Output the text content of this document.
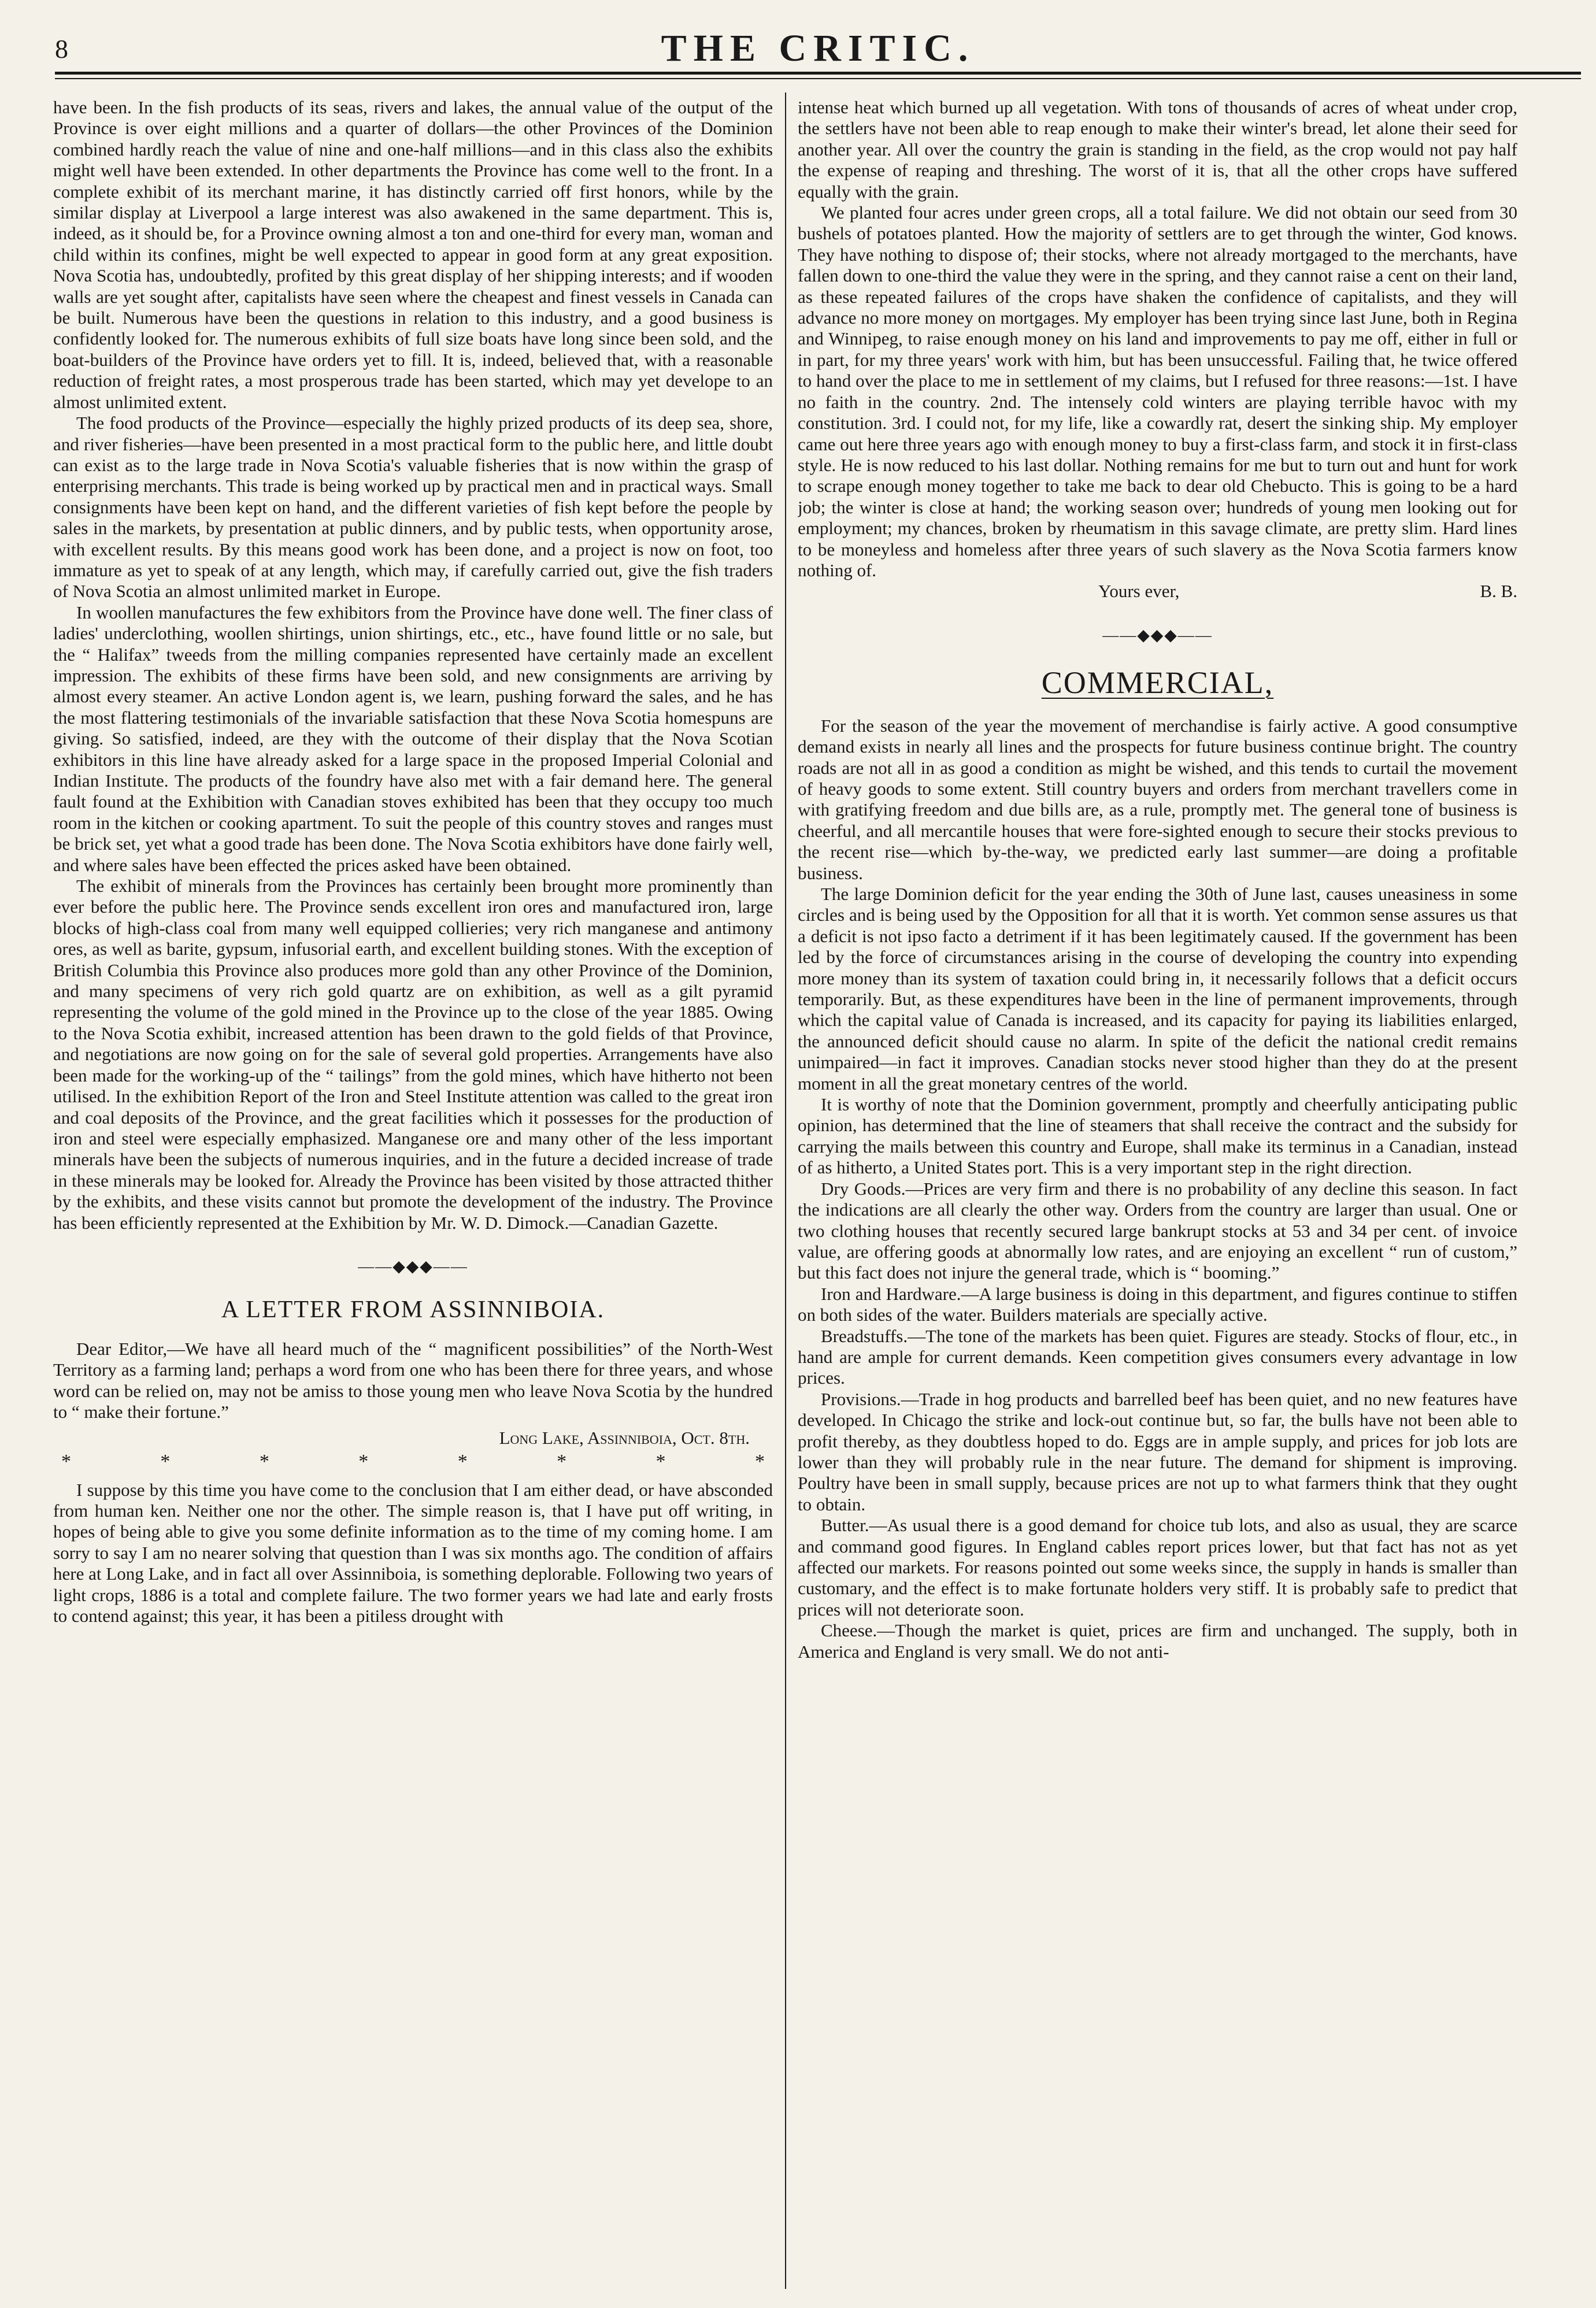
8	THE CRITIC.

have been. In the fish products of its seas, rivers and lakes, the annual value of the output of the Province is over eight millions and a quarter of dollars—the other Provinces of the Dominion combined hardly reach the value of nine and one-half millions—and in this class also the exhibits might well have been extended. In other departments the Province has come well to the front. In a complete exhibit of its merchant marine, it has distinctly carried off first honors, while by the similar display at Liverpool a large interest was also awakened in the same department. This is, indeed, as it should be, for a Province owning almost a ton and one-third for every man, woman and child within its confines, might be well expected to appear in good form at any great exposition. Nova Scotia has, undoubtedly, profited by this great display of her shipping interests; and if wooden walls are yet sought after, capitalists have seen where the cheapest and finest vessels in Canada can be built. Numerous have been the questions in relation to this industry, and a good business is confidently looked for. The numerous exhibits of full size boats have long since been sold, and the boat-builders of the Province have orders yet to fill. It is, indeed, believed that, with a reasonable reduction of freight rates, a most prosperous trade has been started, which may yet develope to an almost unlimited extent.

The food products of the Province—especially the highly prized products of its deep sea, shore, and river fisheries—have been presented in a most practical form to the public here, and little doubt can exist as to the large trade in Nova Scotia's valuable fisheries that is now within the grasp of enterprising merchants. This trade is being worked up by practical men and in practical ways. Small consignments have been kept on hand, and the different varieties of fish kept before the people by sales in the markets, by presentation at public dinners, and by public tests, when opportunity arose, with excellent results. By this means good work has been done, and a project is now on foot, too immature as yet to speak of at any length, which may, if carefully carried out, give the fish traders of Nova Scotia an almost unlimited market in Europe.

In woollen manufactures the few exhibitors from the Province have done well. The finer class of ladies' underclothing, woollen shirtings, union shirtings, etc., etc., have found little or no sale, but the “ Halifax” tweeds from the milling companies represented have certainly made an excellent impression. The exhibits of these firms have been sold, and new consignments are arriving by almost every steamer. An active London agent is, we learn, pushing forward the sales, and he has the most flattering testimonials of the invariable satisfaction that these Nova Scotia homespuns are giving. So satisfied, indeed, are they with the outcome of their display that the Nova Scotian exhibitors in this line have already asked for a large space in the proposed Imperial Colonial and Indian Institute. The products of the foundry have also met with a fair demand here. The general fault found at the Exhibition with Canadian stoves exhibited has been that they occupy too much room in the kitchen or cooking apartment. To suit the people of this country stoves and ranges must be brick set, yet what a good trade has been done. The Nova Scotia exhibitors have done fairly well, and where sales have been effected the prices asked have been obtained.

The exhibit of minerals from the Provinces has certainly been brought more prominently than ever before the public here. The Province sends excellent iron ores and manufactured iron, large blocks of high-class coal from many well equipped collieries; very rich manganese and antimony ores, as well as barite, gypsum, infusorial earth, and excellent building stones. With the exception of British Columbia this Province also produces more gold than any other Province of the Dominion, and many specimens of very rich gold quartz are on exhibition, as well as a gilt pyramid representing the volume of the gold mined in the Province up to the close of the year 1885. Owing to the Nova Scotia exhibit, increased attention has been drawn to the gold fields of that Province, and negotiations are now going on for the sale of several gold properties. Arrangements have also been made for the working-up of the “ tailings” from the gold mines, which have hitherto not been utilised. In the exhibition Report of the Iron and Steel Institute attention was called to the great iron and coal deposits of the Province, and the great facilities which it possesses for the production of iron and steel were especially emphasized. Manganese ore and many other of the less important minerals have been the subjects of numerous inquiries, and in the future a decided increase of trade in these minerals may be looked for. Already the Province has been visited by those attracted thither by the exhibits, and these visits cannot but promote the development of the industry. The Province has been efficiently represented at the Exhibition by Mr. W. D. Dimock.—Canadian Gazette.

——◆◆◆——
A LETTER FROM ASSINNIBOIA.

Dear Editor,—We have all heard much of the “ magnificent possibilities” of the North-West Territory as a farming land; perhaps a word from one who has been there for three years, and whose word can be relied on, may not be amiss to those young men who leave Nova Scotia by the hundred to “ make their fortune.”

Long Lake, Assinniboia, Oct. 8th.
*	*	*	*	*	*	*	*

I suppose by this time you have come to the conclusion that I am either dead, or have absconded from human ken. Neither one nor the other. The simple reason is, that I have put off writing, in hopes of being able to give you some definite information as to the time of my coming home. I am sorry to say I am no nearer solving that question than I was six months ago. The condition of affairs here at Long Lake, and in fact all over Assinniboia, is something deplorable. Following two years of light crops, 1886 is a total and complete failure. The two former years we had late and early frosts to contend against; this year, it has been a pitiless drought with

intense heat which burned up all vegetation. With tons of thousands of acres of wheat under crop, the settlers have not been able to reap enough to make their winter's bread, let alone their seed for another year. All over the country the grain is standing in the field, as the crop would not pay half the expense of reaping and threshing. The worst of it is, that all the other crops have suffered equally with the grain.

We planted four acres under green crops, all a total failure. We did not obtain our seed from 30 bushels of potatoes planted. How the majority of settlers are to get through the winter, God knows. They have nothing to dispose of; their stocks, where not already mortgaged to the merchants, have fallen down to one-third the value they were in the spring, and they cannot raise a cent on their land, as these repeated failures of the crops have shaken the confidence of capitalists, and they will advance no more money on mortgages. My employer has been trying since last June, both in Regina and Winnipeg, to raise enough money on his land and improvements to pay me off, either in full or in part, for my three years' work with him, but has been unsuccessful. Failing that, he twice offered to hand over the place to me in settlement of my claims, but I refused for three reasons:—1st. I have no faith in the country. 2nd. The intensely cold winters are playing terrible havoc with my constitution. 3rd. I could not, for my life, like a cowardly rat, desert the sinking ship. My employer came out here three years ago with enough money to buy a first-class farm, and stock it in first-class style. He is now reduced to his last dollar. Nothing remains for me but to turn out and hunt for work to scrape enough money together to take me back to dear old Chebucto. This is going to be a hard job; the winter is close at hand; the working season over; hundreds of young men looking out for employment; my chances, broken by rheumatism in this savage climate, are pretty slim. Hard lines to be moneyless and homeless after three years of such slavery as the Nova Scotia farmers know nothing of.

Yours ever,	B. B.

——◆◆◆——
COMMERCIAL,

For the season of the year the movement of merchandise is fairly active. A good consumptive demand exists in nearly all lines and the prospects for future business continue bright. The country roads are not all in as good a condition as might be wished, and this tends to curtail the movement of heavy goods to some extent. Still country buyers and orders from merchant travellers come in with gratifying freedom and due bills are, as a rule, promptly met. The general tone of business is cheerful, and all mercantile houses that were fore-sighted enough to secure their stocks previous to the recent rise—which by-the-way, we predicted early last summer—are doing a profitable business.

The large Dominion deficit for the year ending the 30th of June last, causes uneasiness in some circles and is being used by the Opposition for all that it is worth. Yet common sense assures us that a deficit is not ipso facto a detriment if it has been legitimately caused. If the government has been led by the force of circumstances arising in the course of developing the country into expending more money than its system of taxation could bring in, it necessarily follows that a deficit occurs temporarily. But, as these expenditures have been in the line of permanent improvements, through which the capital value of Canada is increased, and its capacity for paying its liabilities enlarged, the announced deficit should cause no alarm. In spite of the deficit the national credit remains unimpaired—in fact it improves. Canadian stocks never stood higher than they do at the present moment in all the great monetary centres of the world.

It is worthy of note that the Dominion government, promptly and cheerfully anticipating public opinion, has determined that the line of steamers that shall receive the contract and the subsidy for carrying the mails between this country and Europe, shall make its terminus in a Canadian, instead of as hitherto, a United States port. This is a very important step in the right direction.

Dry Goods.—Prices are very firm and there is no probability of any decline this season. In fact the indications are all clearly the other way. Orders from the country are larger than usual. One or two clothing houses that recently secured large bankrupt stocks at 53 and 34 per cent. of invoice value, are offering goods at abnormally low rates, and are enjoying an excellent “ run of custom,” but this fact does not injure the general trade, which is “ booming.”

Iron and Hardware.—A large business is doing in this department, and figures continue to stiffen on both sides of the water. Builders materials are specially active.

Breadstuffs.—The tone of the markets has been quiet. Figures are steady. Stocks of flour, etc., in hand are ample for current demands. Keen competition gives consumers every advantage in low prices.

Provisions.—Trade in hog products and barrelled beef has been quiet, and no new features have developed. In Chicago the strike and lock-out continue but, so far, the bulls have not been able to profit thereby, as they doubtless hoped to do. Eggs are in ample supply, and prices for job lots are lower than they will probably rule in the near future. The demand for shipment is improving. Poultry have been in small supply, because prices are not up to what farmers think that they ought to obtain.

Butter.—As usual there is a good demand for choice tub lots, and also as usual, they are scarce and command good figures. In England cables report prices lower, but that fact has not as yet affected our markets. For reasons pointed out some weeks since, the supply in hands is smaller than customary, and the effect is to make fortunate holders very stiff. It is probably safe to predict that prices will not deteriorate soon.

Cheese.—Though the market is quiet, prices are firm and unchanged. The supply, both in America and England is very small. We do not anti-
